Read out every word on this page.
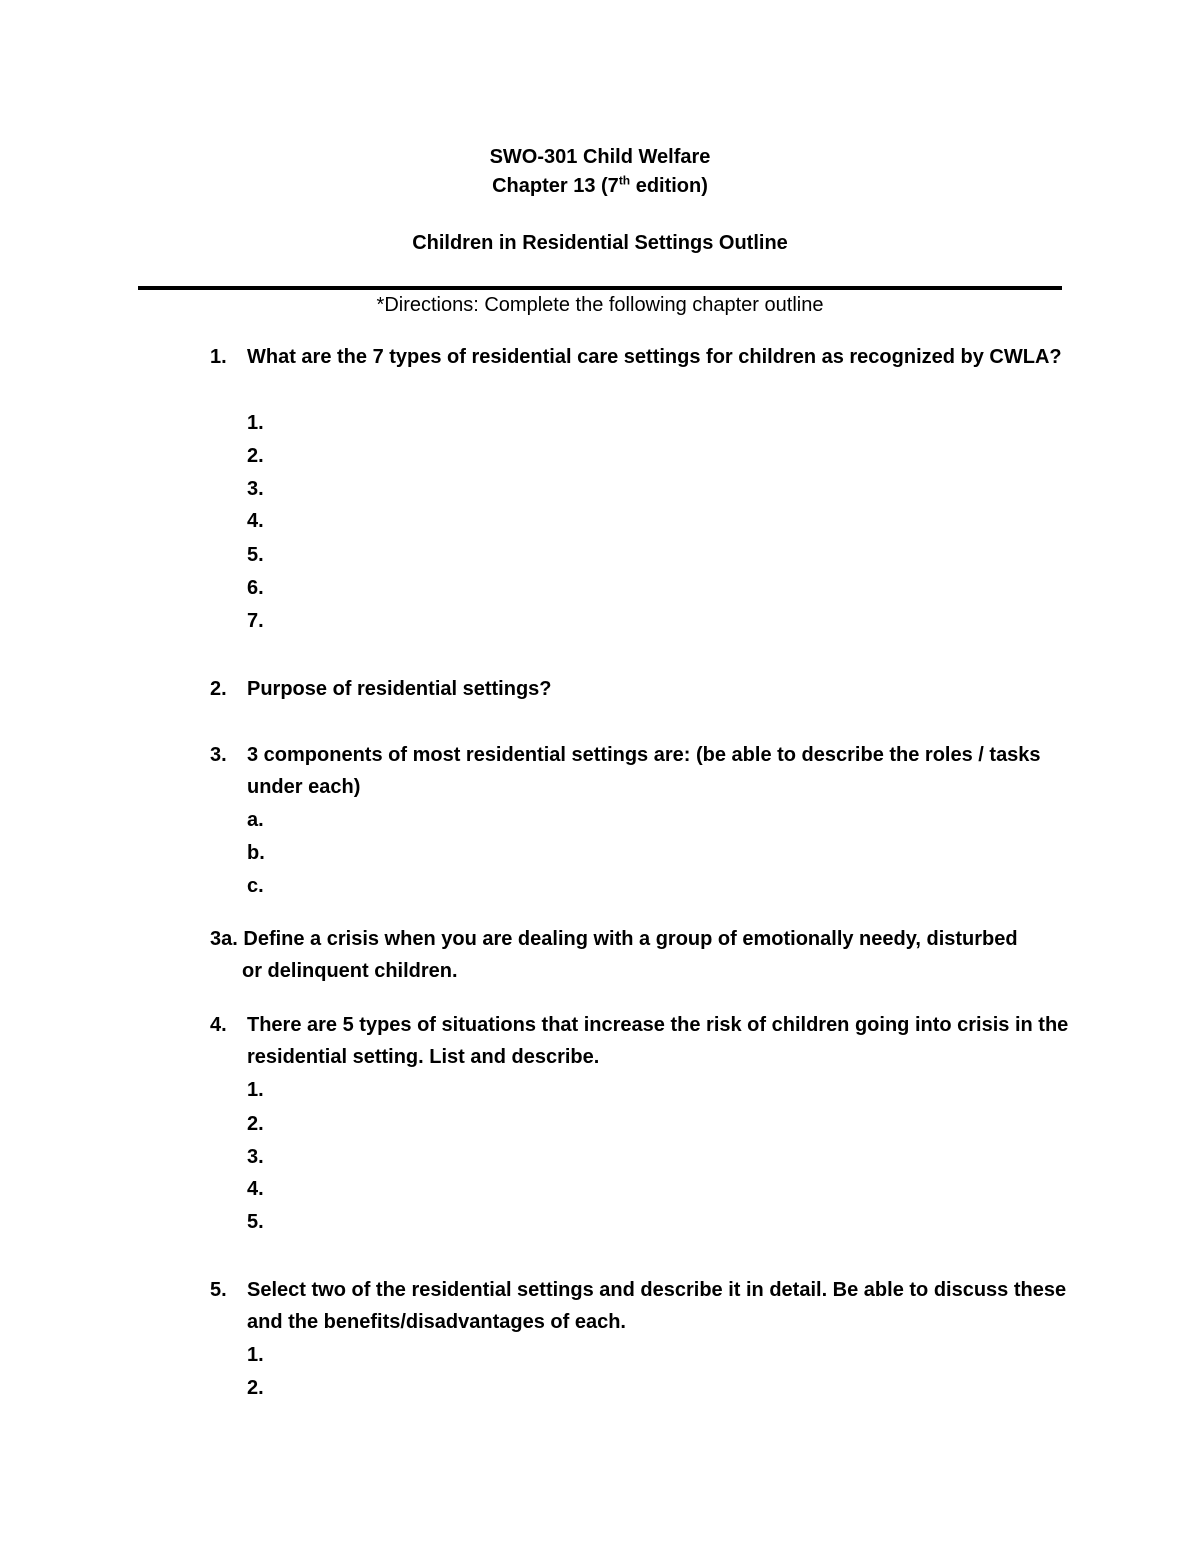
SWO-301 Child Welfare
Chapter 13 (7th edition)
Children in Residential Settings Outline
*Directions: Complete the following chapter outline
1. What are the 7 types of residential care settings for children as recognized by CWLA?
1.
2.
3.
4.
5.
6.
7.
2. Purpose of residential settings?
3. 3 components of most residential settings are: (be able to describe the roles / tasks under each)
a.
b.
c.
3a. Define a crisis when you are dealing with a group of emotionally needy, disturbed
or delinquent children.
4. There are 5 types of situations that increase the risk of children going into crisis in the residential setting. List and describe.
1.
2.
3.
4.
5.
5. Select two of the residential settings and describe it in detail. Be able to discuss these and the benefits/disadvantages of each.
1.
2.
